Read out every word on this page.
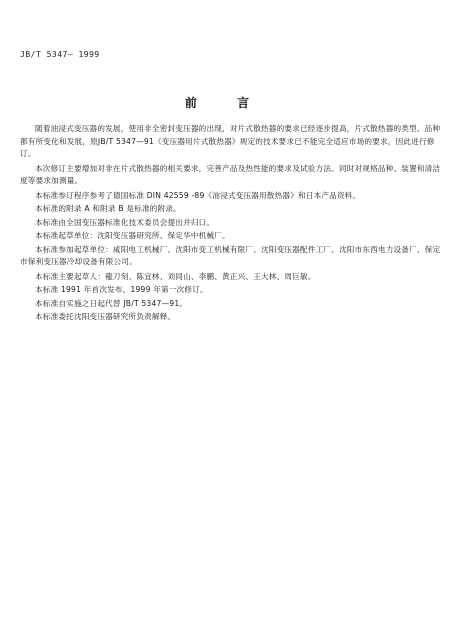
JB/T 5347— 1999
前 言

随着油浸式变压器的发展，使用非全密封变压器的出现，对片式散热器的要求已经逐步提高，片式散热器的类型、品种都有所变化和发展，原JB/T 5347—91《变压器用片式散热器》规定的技术要求已不能完全适应市场的要求，因此进行修订。

本次修订主要增加对非在片式散热器的相关要求，完善产品及热性能的要求及试验方法。同时对规格品种、装置和清洁度等要求加测量。

本标准参订程序参考了德国标准 DIN 42559 -89《油浸式变压器用散热器》和日本产品资料。

本标准的附录 A 和附录 B 是标准的附录。

本标准由全国变压器标准化技术委员会提出并归口。

本标准起草单位：沈阳变压器研究所、保定华中机械厂。

本标准参加起草单位：咸阳电工机械厂、沈阳市变工机械有限厂、沈阳变压器配件工厂、沈阳市东西电力设备厂、保定市保利变压器冷却设备有限公司。

本标准主要起草人：龍刀刻、陈宜林、刘同山、李鹏、黄正兴、王大林、周巨敏。

本标准 1991 年首次发布，1999 年第一次修订。

本标准自实施之日起代替 JB/T 5347—91。

本标准委托沈阳变压器研究所负责解释。
